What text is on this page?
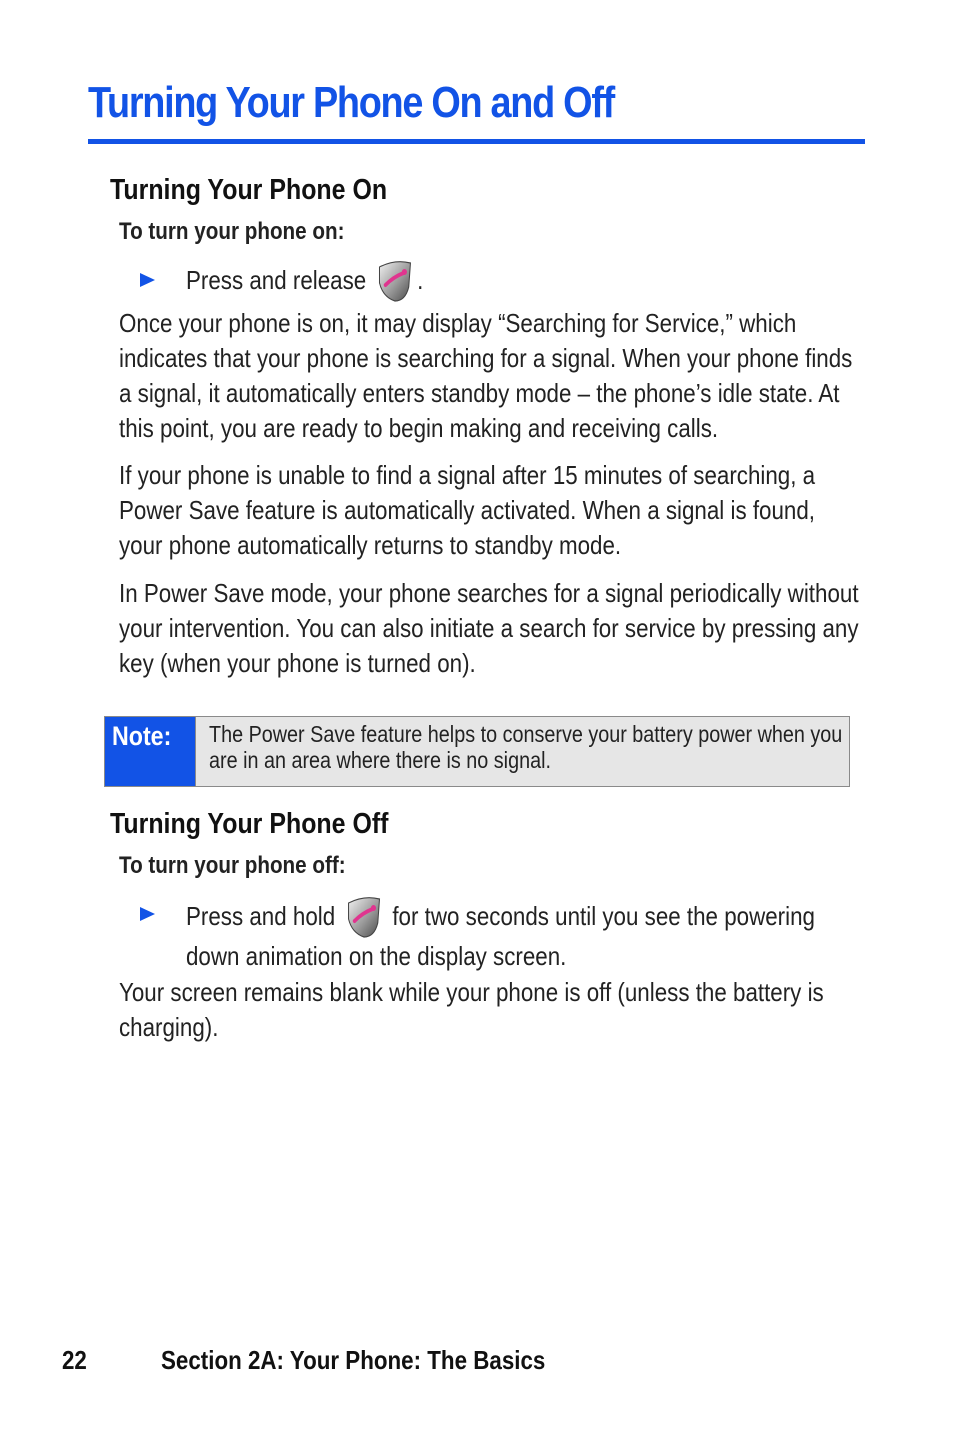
Turning Your Phone On and Off
Turning Your Phone On

To turn your phone on:

Press and release .

Once your phone is on, it may display “Searching for Service,” which indicates that your phone is searching for a signal. When your phone finds a signal, it automatically enters standby mode – the phone’s idle state. At this point, you are ready to begin making and receiving calls.

If your phone is unable to find a signal after 15 minutes of searching, a Power Save feature is automatically activated. When a signal is found, your phone automatically returns to standby mode.

In Power Save mode, your phone searches for a signal periodically without your intervention. You can also initiate a search for service by pressing any key (when your phone is turned on).

Note: The Power Save feature helps to conserve your battery power when you are in an area where there is no signal.
Turning Your Phone Off

To turn your phone off:

Press and hold for two seconds until you see the powering down animation on the display screen.

Your screen remains blank while your phone is off (unless the battery is charging).

22	Section 2A: Your Phone: The Basics
